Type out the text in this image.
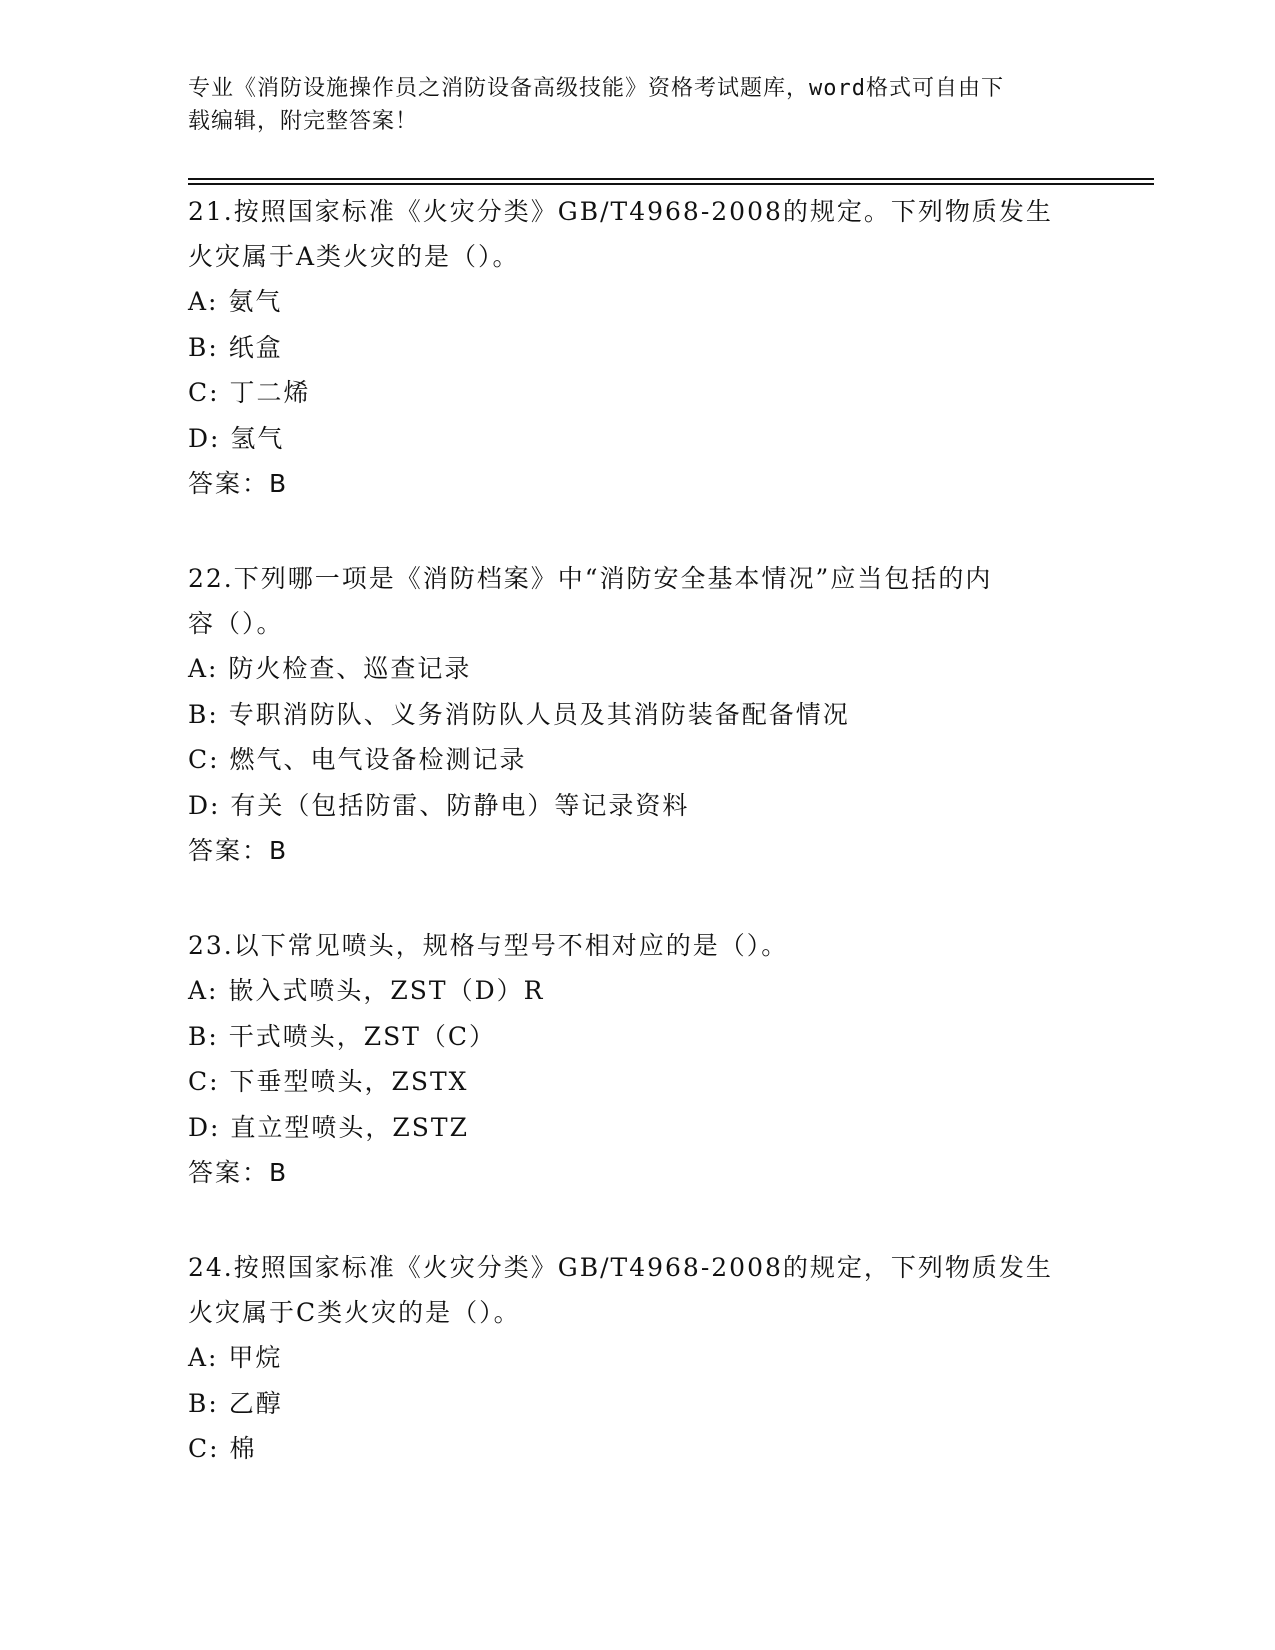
专业《消防设施操作员之消防设备高级技能》资格考试题库，word格式可自由下
载编辑，附完整答案！

21.按照国家标准《火灾分类》GB/T4968-2008的规定。下列物质发生

火灾属于A类火灾的是（）。

A: 氨气

B: 纸盒

C: 丁二烯

D: 氢气

答案：B

22.下列哪一项是《消防档案》中“消防安全基本情况”应当包括的内

容（）。

A: 防火检查、巡查记录

B: 专职消防队、义务消防队人员及其消防装备配备情况

C: 燃气、电气设备检测记录

D: 有关（包括防雷、防静电）等记录资料

答案：B

23.以下常见喷头，规格与型号不相对应的是（）。

A: 嵌入式喷头，ZST（D）R

B: 干式喷头，ZST（C）

C: 下垂型喷头，ZSTX

D: 直立型喷头，ZSTZ

答案：B

24.按照国家标准《火灾分类》GB/T4968-2008的规定，下列物质发生

火灾属于C类火灾的是（）。

A: 甲烷

B: 乙醇

C: 棉
